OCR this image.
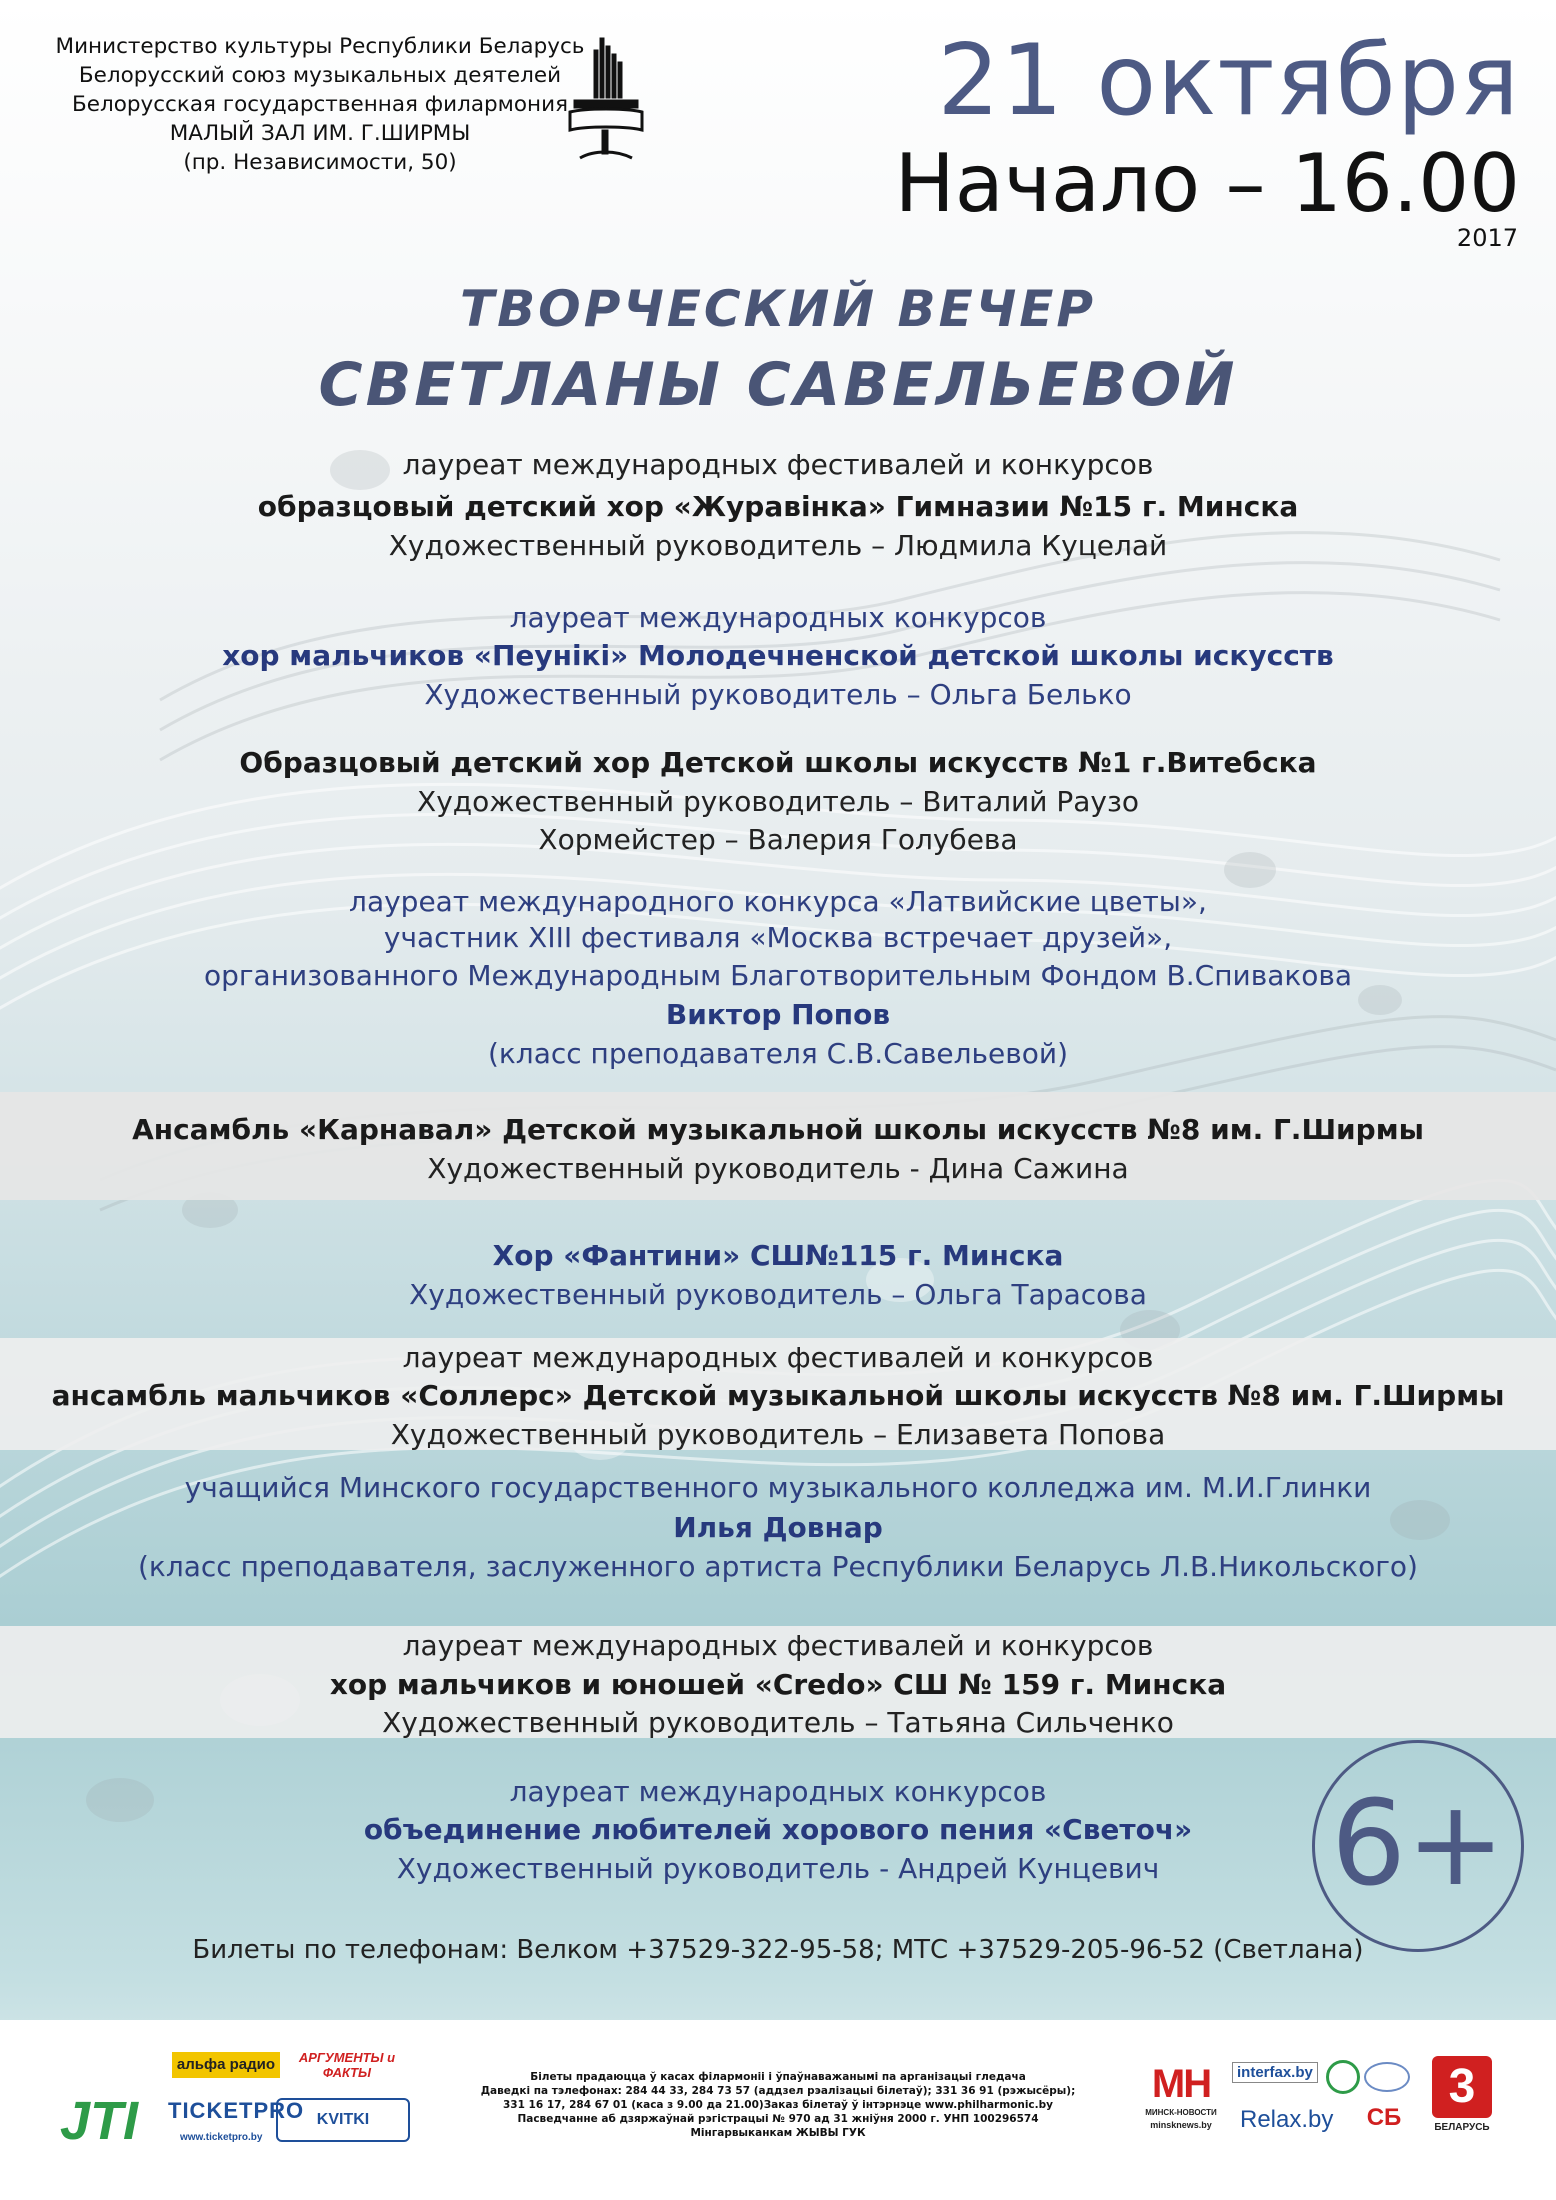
Министерство культуры Республики Беларусь
Белорусский союз музыкальных деятелей
Белорусская государственная филармония
МАЛЫЙ ЗАЛ ИМ. Г.ШИРМЫ
(пр. Независимости, 50)
21 октября
Начало – 16.00
2017
ТВОРЧЕСКИЙ ВЕЧЕР
СВЕТЛАНЫ САВЕЛЬЕВОЙ
лауреат международных фестивалей и конкурсов
образцовый детский хор «Журавінка» Гимназии №15 г. Минска
Художественный руководитель – Людмила Куцелай
лауреат международных конкурсов
хор мальчиков «Пеунікі» Молодечненской детской школы искусств
Художественный руководитель – Ольга Белько
Образцовый детский хор Детской школы искусств №1 г.Витебска
Художественный руководитель – Виталий Раузо
Хормейстер – Валерия Голубева
лауреат международного конкурса «Латвийские цветы»,
участник XIII фестиваля «Москва встречает друзей»,
организованного Международным Благотворительным Фондом В.Спивакова
Виктор Попов
(класс преподавателя С.В.Савельевой)
Ансамбль «Карнавал» Детской музыкальной школы искусств №8 им. Г.Ширмы
Художественный руководитель - Дина Сажина
Хор «Фантини» СШ№115 г. Минска
Художественный руководитель – Ольга Тарасова
лауреат международных фестивалей и конкурсов
ансамбль мальчиков «Соллерс» Детской музыкальной школы искусств №8 им. Г.Ширмы
Художественный руководитель – Елизавета Попова
учащийся Минского государственного музыкального колледжа им. М.И.Глинки
Илья Довнар
(класс преподавателя, заслуженного артиста Республики Беларусь Л.В.Никольского)
лауреат международных фестивалей и конкурсов
хор мальчиков и юношей «Credo» СШ № 159 г. Минска
Художественный руководитель – Татьяна Сильченко
лауреат международных конкурсов
объединение любителей хорового пения «Светоч»
Художественный руководитель - Андрей Кунцевич	6+
Билеты по телефонам: Велком +37529-322-95-58; МТС +37529-205-96-52 (Светлана)
JTI
альфа радио	АРГУМЕНТЫ и ФАКТЫ
TICKETPRO
www.ticketpro.by
KVITKI
Білеты прадаюцца ў касах філармоніі і ўпаўнаважанымі па арганізацыі гледача
Даведкі па тэлефонах: 284 44 33, 284 73 57 (аддзел рэалізацыі білетаў); 331 36 91 (рэжысёры);
331 16 17, 284 67 01 (каса з 9.00 да 21.00)Заказ білетаў ў інтэрнэце www.philharmonic.by
Пасведчанне аб дзяржаўнай рэгістрацыі № 970 ад 31 жніўня 2000 г. УНП 100296574
Мінгарвыканкам ЖЫВЫ ГУК
МН
МИНСК-НОВОСТИ
minsknews.by
interfax.by
Relax.by	СБ
3
БЕЛАРУСЬ
